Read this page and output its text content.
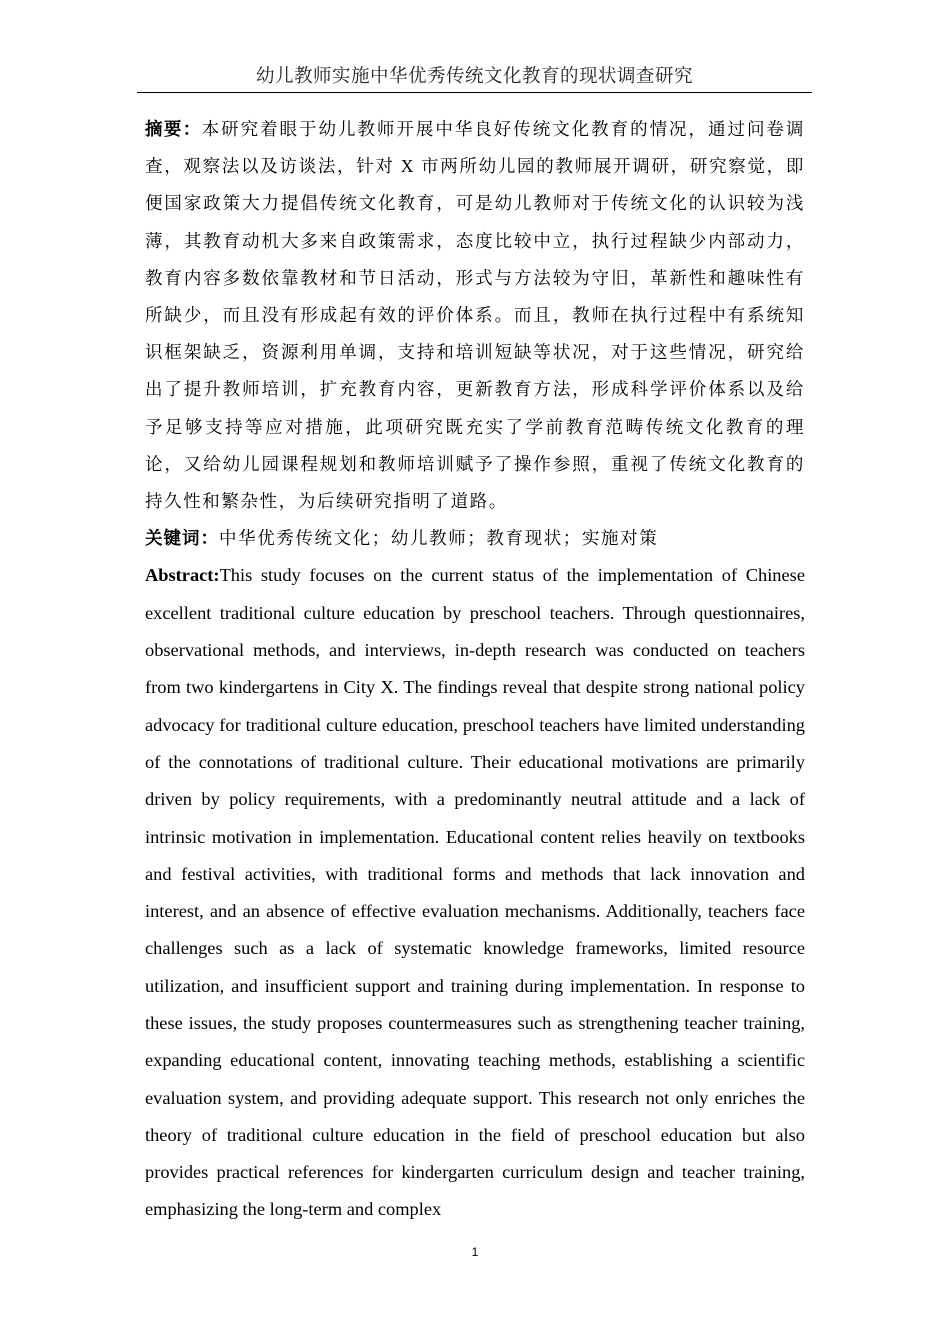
幼儿教师实施中华优秀传统文化教育的现状调查研究

摘要：本研究着眼于幼儿教师开展中华良好传统文化教育的情况，通过问卷调查，观察法以及访谈法，针对 X 市两所幼儿园的教师展开调研，研究察觉，即便国家政策大力提倡传统文化教育，可是幼儿教师对于传统文化的认识较为浅薄，其教育动机大多来自政策需求，态度比较中立，执行过程缺少内部动力，教育内容多数依靠教材和节日活动，形式与方法较为守旧，革新性和趣味性有所缺少，而且没有形成起有效的评价体系。而且，教师在执行过程中有系统知识框架缺乏，资源利用单调，支持和培训短缺等状况，对于这些情况，研究给出了提升教师培训，扩充教育内容，更新教育方法，形成科学评价体系以及给予足够支持等应对措施，此项研究既充实了学前教育范畴传统文化教育的理论，又给幼儿园课程规划和教师培训赋予了操作参照，重视了传统文化教育的持久性和繁杂性，为后续研究指明了道路。

关键词：中华优秀传统文化；幼儿教师；教育现状；实施对策

Abstract:This study focuses on the current status of the implementation of Chinese excellent traditional culture education by preschool teachers. Through questionnaires, observational methods, and interviews, in-depth research was conducted on teachers from two kindergartens in City X. The findings reveal that despite strong national policy advocacy for traditional culture education, preschool teachers have limited understanding of the connotations of traditional culture. Their educational motivations are primarily driven by policy requirements, with a predominantly neutral attitude and a lack of intrinsic motivation in implementation. Educational content relies heavily on textbooks and festival activities, with traditional forms and methods that lack innovation and interest, and an absence of effective evaluation mechanisms. Additionally, teachers face challenges such as a lack of systematic knowledge frameworks, limited resource utilization, and insufficient support and training during implementation. In response to these issues, the study proposes countermeasures such as strengthening teacher training, expanding educational content, innovating teaching methods, establishing a scientific evaluation system, and providing adequate support. This research not only enriches the theory of traditional culture education in the field of preschool education but also provides practical references for kindergarten curriculum design and teacher training, emphasizing the long-term and complex

1
